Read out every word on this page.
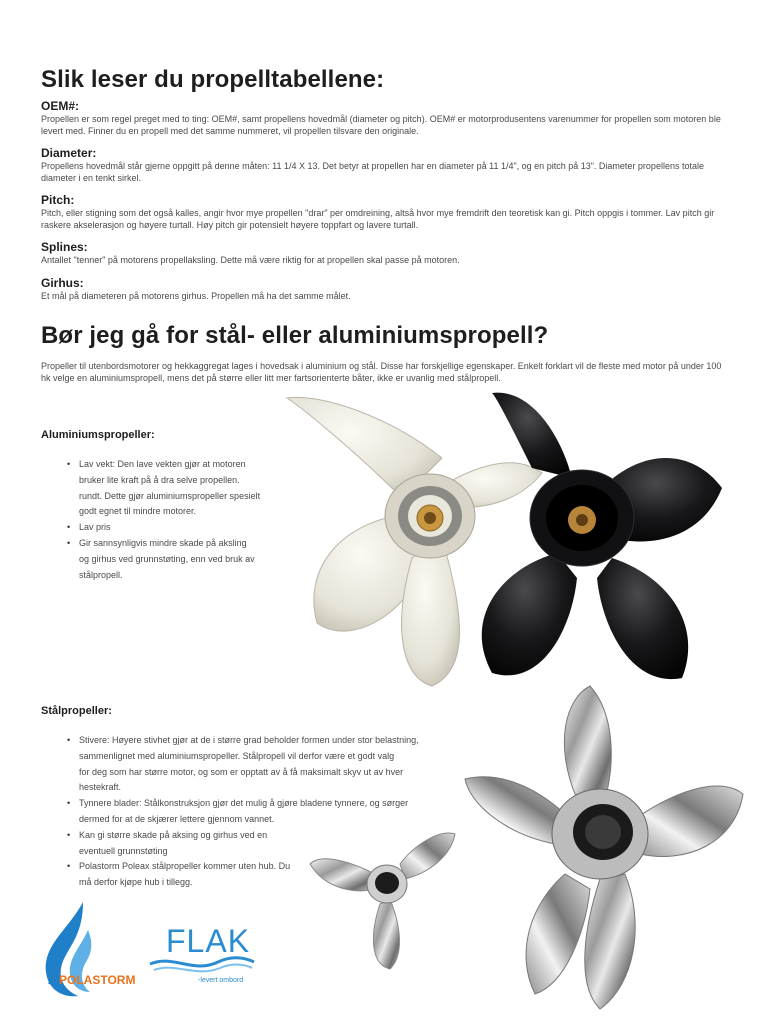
Slik leser du propelltabellene:
OEM#:

Propellen er som regel preget med to ting: OEM#, samt propellens hovedmål (diameter og pitch). OEM# er motorprodusentens varenummer for propellen som motoren ble levert med. Finner du en propell med det samme nummeret, vil propellen tilsvare den originale.

Diameter:

Propellens hovedmål står gjerne oppgitt på denne måten: 11 1/4 X 13. Det betyr at propellen har en diameter på 11 1/4", og en pitch på 13". Diameter propellens totale diameter i en tenkt sirkel.

Pitch:

Pitch, eller stigning som det også kalles, angir hvor mye propellen "drar" per omdreining, altså hvor mye fremdrift den teoretisk kan gi. Pitch oppgis i tommer. Lav pitch gir raskere akselerasjon og høyere turtall. Høy pitch gir potensielt høyere toppfart og lavere turtall.

Splines:

Antallet "tenner" på motorens propellaksling. Dette må være riktig for at propellen skal passe på motoren.

Girhus:

Et mål på diameteren på motorens girhus. Propellen må ha det samme målet.

Bør jeg gå for stål- eller aluminiumspropell?

Propeller til utenbordsmotorer og hekkaggregat lages i hovedsak i aluminium og stål. Disse har forskjellige egenskaper. Enkelt forklart vil de fleste med motor på under 100 hk velge en aluminiumspropell, mens det på større eller litt mer fartsorienterte båter, ikke er uvanlig med stålpropell.

Aluminiumspropeller:
• Lav vekt: Den lave vekten gjør at motoren
bruker lite kraft på å dra selve propellen.
rundt. Dette gjør aluminiumspropeller spesielt
godt egnet til mindre motorer.
• Lav pris
• Gir sannsynligvis mindre skade på aksling
og girhus ved grunnstøting, enn ved bruk av
stålpropell.
Stålpropeller:
• Stivere: Høyere stivhet gjør at de i større grad beholder formen under stor belastning,
sammenlignet med aluminiumspropeller. Stålpropell vil derfor være et godt valg
for deg som har større motor, og som er opptatt av å få maksimalt skyv ut av hver
hestekraft.
• Tynnere blader: Stålkonstruksjon gjør det mulig å gjøre bladene tynnere, og sørger
dermed for at de skjærer lettere gjennom vannet.
• Kan gi større skade på aksing og girhus ved en
eventuell grunnstøting
• Polastorm Poleax stålpropeller kommer uten hub. Du
må derfor kjøpe hub i tillegg.
P POLASTORM
FLAK
-levert ombord
